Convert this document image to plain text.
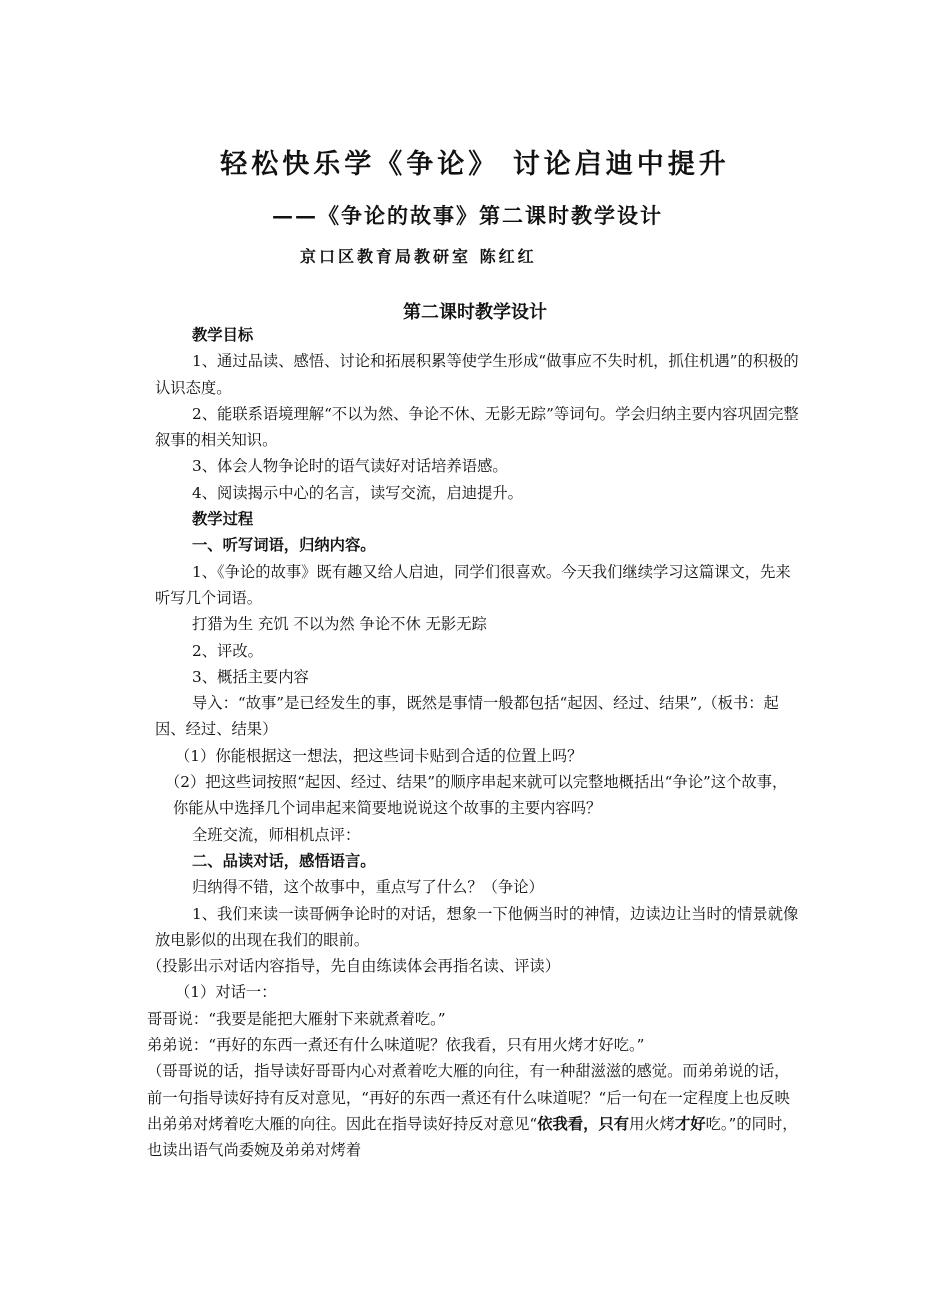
轻松快乐学《争论》 讨论启迪中提升
——《争论的故事》第二课时教学设计
京口区教育局教研室 陈红红
第二课时教学设计

教学目标

1、通过品读、感悟、讨论和拓展积累等使学生形成“做事应不失时机，抓住机遇”的积极的认识态度。

2、能联系语境理解“不以为然、争论不休、无影无踪”等词句。学会归纳主要内容巩固完整叙事的相关知识。

3、体会人物争论时的语气读好对话培养语感。

4、阅读揭示中心的名言，读写交流，启迪提升。

教学过程

一、听写词语，归纳内容。

1、《争论的故事》既有趣又给人启迪，同学们很喜欢。今天我们继续学习这篇课文，先来听写几个词语。

打猎为生 充饥 不以为然 争论不休 无影无踪

2、评改。

3、概括主要内容

导入：“故事”是已经发生的事，既然是事情一般都包括“起因、经过、结果”,（板书：起因、经过、结果）

（1）你能根据这一想法，把这些词卡贴到合适的位置上吗？

（2）把这些词按照“起因、经过、结果”的顺序串起来就可以完整地概括出“争论”这个故事，你能从中选择几个词串起来简要地说说这个故事的主要内容吗？

全班交流，师相机点评：

二、品读对话，感悟语言。

归纳得不错，这个故事中，重点写了什么？（争论）

1、我们来读一读哥俩争论时的对话，想象一下他俩当时的神情，边读边让当时的情景就像放电影似的出现在我们的眼前。

（投影出示对话内容指导，先自由练读体会再指名读、评读）

（1）对话一：

哥哥说：“我要是能把大雁射下来就煮着吃。”

弟弟说：“再好的东西一煮还有什么味道呢？依我看，只有用火烤才好吃。”

（哥哥说的话，指导读好哥哥内心对煮着吃大雁的向往，有一种甜滋滋的感觉。而弟弟说的话，前一句指导读好持有反对意见，“再好的东西一煮还有什么味道呢？“后一句在一定程度上也反映出弟弟对烤着吃大雁的向往。因此在指导读好持反对意见“依我看，只有用火烤才好吃。”的同时，也读出语气尚委婉及弟弟对烤着
